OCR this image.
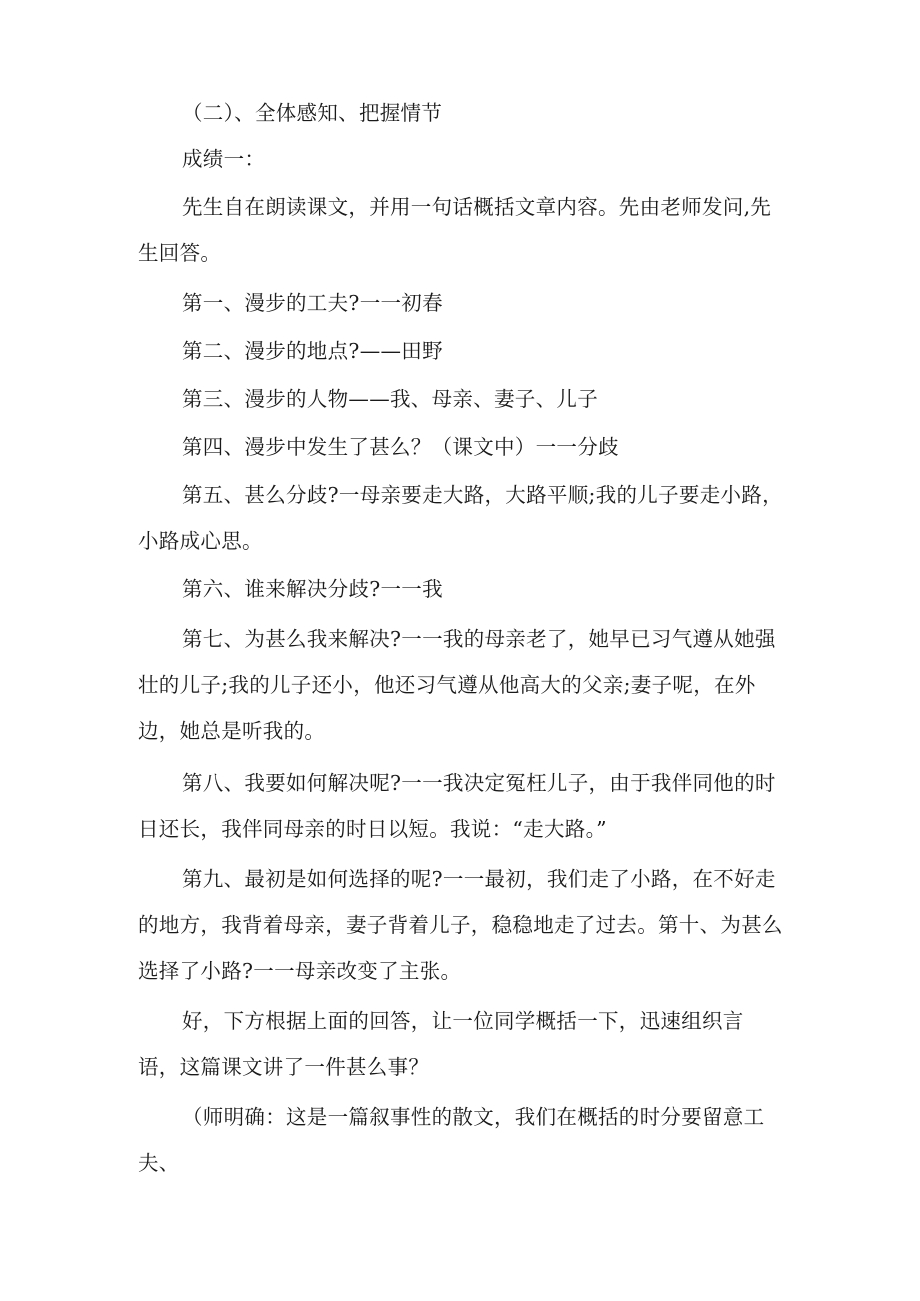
（二）、全体感知、把握情节

成绩一：

先生自在朗读课文，并用一句话概括文章内容。先由老师发问,先生回答。

第一、漫步的工夫?一一初春

第二、漫步的地点?——田野

第三、漫步的人物——我、母亲、妻子、儿子

第四、漫步中发生了甚么？（课文中）一一分歧

第五、甚么分歧?一母亲要走大路，大路平顺;我的儿子要走小路，小路成心思。

第六、谁来解决分歧?一一我

第七、为甚么我来解决?一一我的母亲老了，她早已习气遵从她强壮的儿子;我的儿子还小，他还习气遵从他高大的父亲;妻子呢，在外边，她总是听我的。

第八、我要如何解决呢?一一我决定冤枉儿子，由于我伴同他的时日还长，我伴同母亲的时日以短。我说：“走大路。”

第九、最初是如何选择的呢?一一最初，我们走了小路，在不好走的地方，我背着母亲，妻子背着儿子，稳稳地走了过去。第十、为甚么选择了小路?一一母亲改变了主张。

好，下方根据上面的回答，让一位同学概括一下，迅速组织言语，这篇课文讲了一件甚么事？

（师明确：这是一篇叙事性的散文，我们在概括的时分要留意工夫、
